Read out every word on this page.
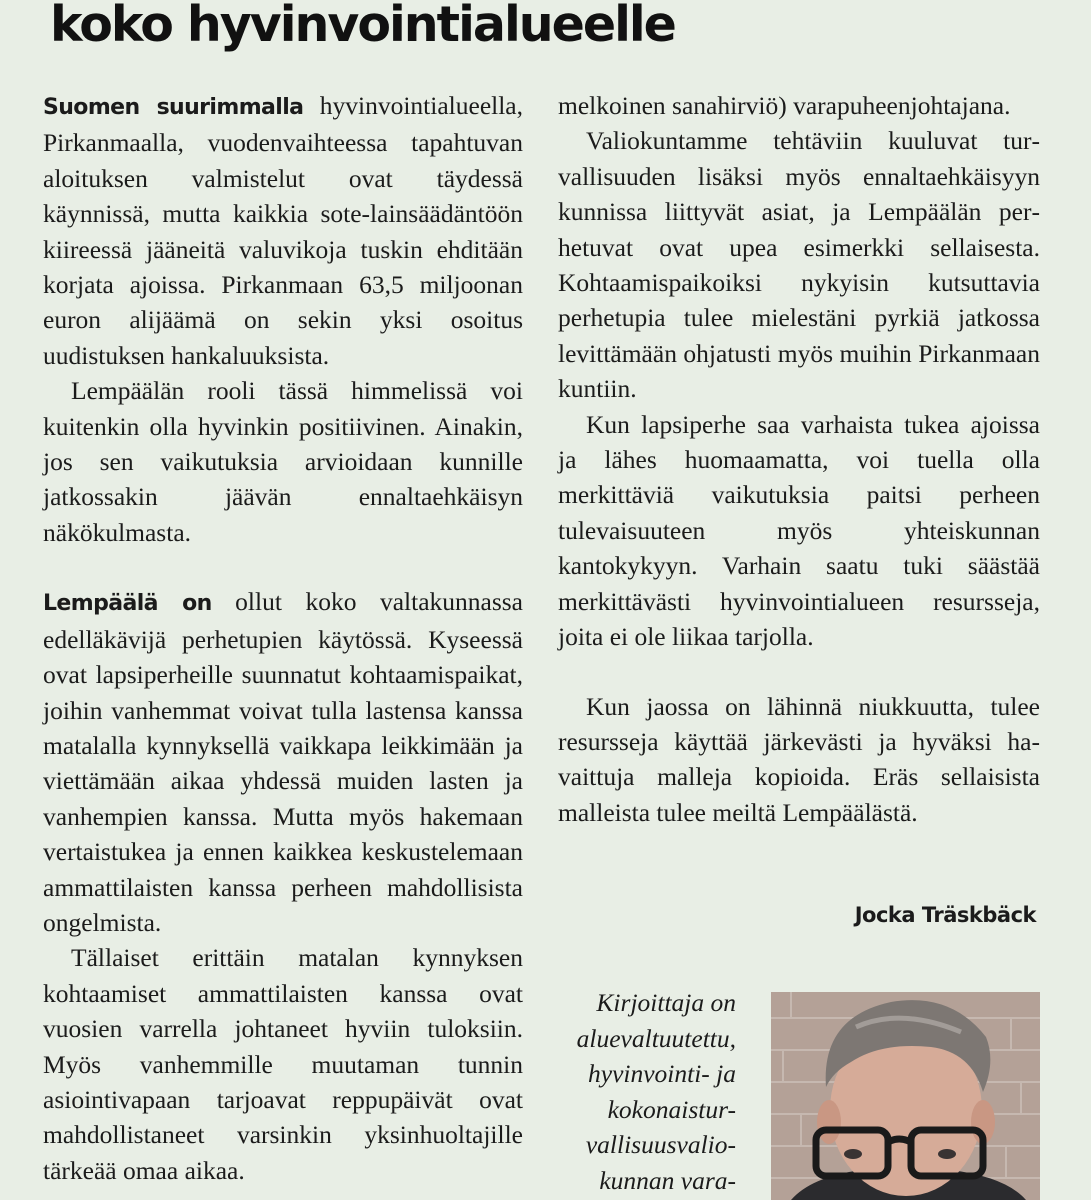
koko hyvinvointialueelle

Suomen suurimmalla hyvinvointialueella, Pirkanmaalla, vuodenvaihteessa tapahtuvan aloituksen valmistelut ovat täydessä käynnissä, mutta kaikkia sote-lainsäädäntöön kiireessä jääneitä valuvikoja tuskin ehditään korjata ajoissa. Pirkanmaan 63,5 miljoonan euron alijäämä on sekin yksi osoitus uudistuksen hankaluuksista.

Lempäälän rooli tässä himmelissä voi kuitenkin olla hyvinkin positiivinen. Ainakin, jos sen vaikutuksia arvioidaan kunnille jatkossakin jäävän ennaltaehkäisyn näkökulmasta.

Lempäälä on ollut koko valtakunnassa edelläkävijä perhetupien käytössä. Kyseessä ovat lapsiperheille suunnatut kohtaamispaikat, joihin vanhemmat voivat tulla lastensa kanssa matalalla kynnyksellä vaikkapa leikkimään ja viettämään aikaa yhdessä muiden lasten ja vanhempien kanssa. Mutta myös hakemaan vertaistukea ja ennen kaikkea keskustelemaan ammattilaisten kanssa perheen mahdollisista ongelmista.

Tällaiset erittäin matalan kynnyksen kohtaamiset ammattilaisten kanssa ovat vuosien varrella johtaneet hyviin tuloksiin. Myös vanhemmille muutaman tunnin asiointivapaan tarjoavat reppupäivät ovat mahdollistaneet varsinkin yksinhuoltajille tärkeää omaa aikaa.

melkoinen sanahirviö) varapuheenjohtajana.

Valiokuntamme tehtäviin kuuluvat turvallisuuden lisäksi myös ennaltaehkäisyyn kunnissa liittyvät asiat, ja Lempäälän perhetuvat ovat upea esimerkki sellaisesta. Kohtaamispaikoiksi nykyisin kutsuttavia perhetupia tulee mielestäni pyrkiä jatkossa levittämään ohjatusti myös muihin Pirkanmaan kuntiin.

Kun lapsiperhe saa varhaista tukea ajoissa ja lähes huomaamatta, voi tuella olla merkittäviä vaikutuksia paitsi perheen tulevaisuuteen myös yhteiskunnan kantokykyyn. Varhain saatu tuki säästää merkittävästi hyvinvointialueen resursseja, joita ei ole liikaa tarjolla.

Kun jaossa on lähinnä niukkuutta, tulee resursseja käyttää järkevästi ja hyväksi havaittuja malleja kopioida. Eräs sellaisista malleista tulee meiltä Lempäälästä.

Jocka Träskbäck
Kirjoittaja on
aluevaltuutettu,
hyvinvointi- ja
kokonaistur-
vallisuusvalio-
kunnan vara-
